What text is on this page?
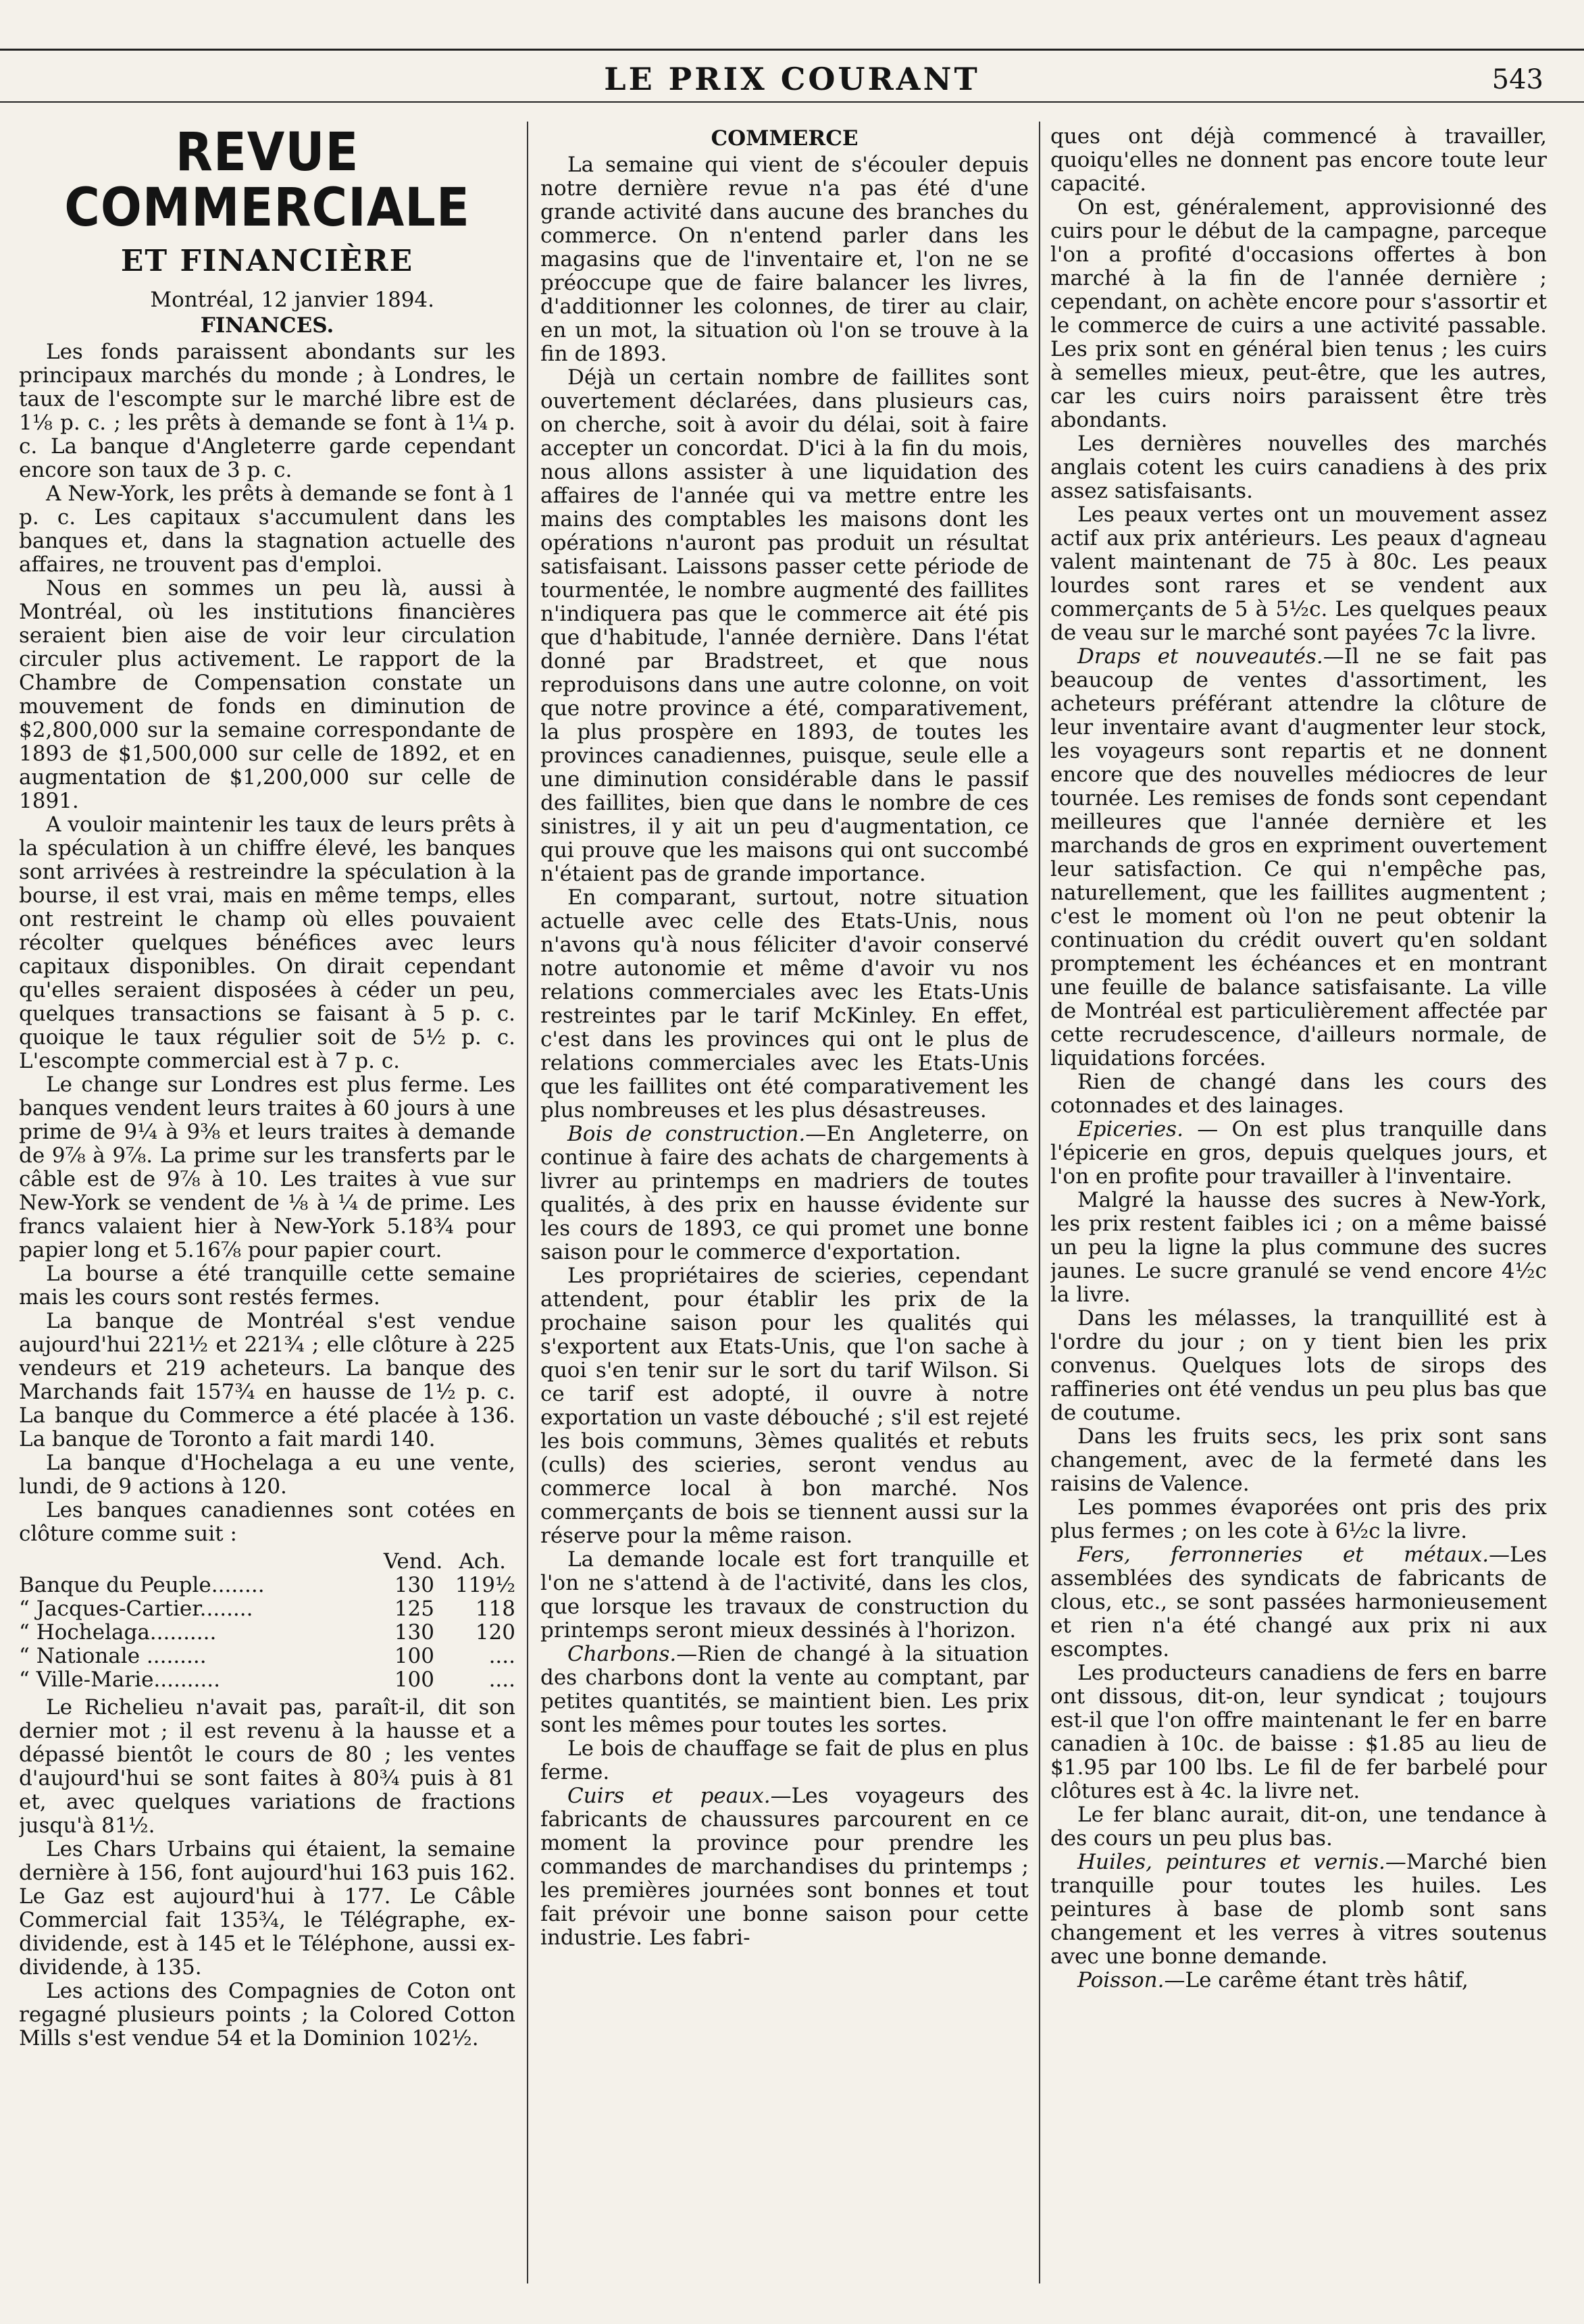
LE PRIX COURANT	543
REVUE COMMERCIALE
ET FINANCIÈRE
Montréal, 12 janvier 1894.
FINANCES.

Les fonds paraissent abondants sur les principaux marchés du monde ; à Londres, le taux de l'escompte sur le marché libre est de 1⅛ p. c. ; les prêts à demande se font à 1¼ p. c. La banque d'Angleterre garde cependant encore son taux de 3 p. c.

A New-York, les prêts à demande se font à 1 p. c. Les capitaux s'accumulent dans les banques et, dans la stagnation actuelle des affaires, ne trouvent pas d'emploi.

Nous en sommes un peu là, aussi à Montréal, où les institutions financières seraient bien aise de voir leur circulation circuler plus activement. Le rapport de la Chambre de Compensation constate un mouvement de fonds en diminution de $2,800,000 sur la semaine correspondante de 1893 de $1,500,000 sur celle de 1892, et en augmentation de $1,200,000 sur celle de 1891.

A vouloir maintenir les taux de leurs prêts à la spéculation à un chiffre élevé, les banques sont arrivées à restreindre la spéculation à la bourse, il est vrai, mais en même temps, elles ont restreint le champ où elles pouvaient récolter quelques bénéfices avec leurs capitaux disponibles. On dirait cependant qu'elles seraient disposées à céder un peu, quelques transactions se faisant à 5 p. c. quoique le taux régulier soit de 5½ p. c. L'escompte commercial est à 7 p. c.

Le change sur Londres est plus ferme. Les banques vendent leurs traites à 60 jours à une prime de 9¼ à 9⅜ et leurs traites à demande de 9⅞ à 9⅞. La prime sur les transferts par le câble est de 9⅞ à 10. Les traites à vue sur New-York se vendent de ⅛ à ¼ de prime. Les francs valaient hier à New-York 5.18¾ pour papier long et 5.16⅞ pour papier court.

La bourse a été tranquille cette semaine mais les cours sont restés fermes.

La banque de Montréal s'est vendue aujourd'hui 221½ et 221¾ ; elle clôture à 225 vendeurs et 219 acheteurs. La banque des Marchands fait 157¾ en hausse de 1½ p. c. La banque du Commerce a été placée à 136. La banque de Toronto a fait mardi 140.

La banque d'Hochelaga a eu une vente, lundi, de 9 actions à 120.

Les banques canadiennes sont cotées en clôture comme suit :

Vend. Ach.
Banque du Peuple........	130 119½
“ Jacques-Cartier........	125	118
“ Hochelaga..........	130	120
“ Nationale .........	100	....
“ Ville-Marie..........	100	....

Le Richelieu n'avait pas, paraît-il, dit son dernier mot ; il est revenu à la hausse et a dépassé bientôt le cours de 80 ; les ventes d'aujourd'hui se sont faites à 80¾ puis à 81 et, avec quelques variations de fractions jusqu'à 81½.

Les Chars Urbains qui étaient, la semaine dernière à 156, font aujourd'hui 163 puis 162. Le Gaz est aujourd'hui à 177. Le Câble Commercial fait 135¾, le Télégraphe, ex-dividende, est à 145 et le Téléphone, aussi ex-dividende, à 135.

Les actions des Compagnies de Coton ont regagné plusieurs points ; la Colored Cotton Mills s'est vendue 54 et la Dominion 102½.

COMMERCE

La semaine qui vient de s'écouler depuis notre dernière revue n'a pas été d'une grande activité dans aucune des branches du commerce. On n'entend parler dans les magasins que de l'inventaire et, l'on ne se préoccupe que de faire balancer les livres, d'additionner les colonnes, de tirer au clair, en un mot, la situation où l'on se trouve à la fin de 1893.

Déjà un certain nombre de faillites sont ouvertement déclarées, dans plusieurs cas, on cherche, soit à avoir du délai, soit à faire accepter un concordat. D'ici à la fin du mois, nous allons assister à une liquidation des affaires de l'année qui va mettre entre les mains des comptables les maisons dont les opérations n'auront pas produit un résultat satisfaisant. Laissons passer cette période de tourmentée, le nombre augmenté des faillites n'indiquera pas que le commerce ait été pis que d'habitude, l'année dernière. Dans l'état donné par Bradstreet, et que nous reproduisons dans une autre colonne, on voit que notre province a été, comparativement, la plus prospère en 1893, de toutes les provinces canadiennes, puisque, seule elle a une diminution considérable dans le passif des faillites, bien que dans le nombre de ces sinistres, il y ait un peu d'augmentation, ce qui prouve que les maisons qui ont succombé n'étaient pas de grande importance.

En comparant, surtout, notre situation actuelle avec celle des Etats-Unis, nous n'avons qu'à nous féliciter d'avoir conservé notre autonomie et même d'avoir vu nos relations commerciales avec les Etats-Unis restreintes par le tarif McKinley. En effet, c'est dans les provinces qui ont le plus de relations commerciales avec les Etats-Unis que les faillites ont été comparativement les plus nombreuses et les plus désastreuses.

Bois de construction.—En Angleterre, on continue à faire des achats de chargements à livrer au printemps en madriers de toutes qualités, à des prix en hausse évidente sur les cours de 1893, ce qui promet une bonne saison pour le commerce d'exportation.

Les propriétaires de scieries, cependant attendent, pour établir les prix de la prochaine saison pour les qualités qui s'exportent aux Etats-Unis, que l'on sache à quoi s'en tenir sur le sort du tarif Wilson. Si ce tarif est adopté, il ouvre à notre exportation un vaste débouché ; s'il est rejeté les bois communs, 3èmes qualités et rebuts (culls) des scieries, seront vendus au commerce local à bon marché. Nos commerçants de bois se tiennent aussi sur la réserve pour la même raison.

La demande locale est fort tranquille et l'on ne s'attend à de l'activité, dans les clos, que lorsque les travaux de construction du printemps seront mieux dessinés à l'horizon.

Charbons.—Rien de changé à la situation des charbons dont la vente au comptant, par petites quantités, se maintient bien. Les prix sont les mêmes pour toutes les sortes.

Le bois de chauffage se fait de plus en plus ferme.

Cuirs et peaux.—Les voyageurs des fabricants de chaussures parcourent en ce moment la province pour prendre les commandes de marchandises du printemps ; les premières journées sont bonnes et tout fait prévoir une bonne saison pour cette industrie. Les fabri-

ques ont déjà commencé à travailler, quoiqu'elles ne donnent pas encore toute leur capacité.

On est, généralement, approvisionné des cuirs pour le début de la campagne, parceque l'on a profité d'occasions offertes à bon marché à la fin de l'année dernière ; cependant, on achète encore pour s'assortir et le commerce de cuirs a une activité passable. Les prix sont en général bien tenus ; les cuirs à semelles mieux, peut-être, que les autres, car les cuirs noirs paraissent être très abondants.

Les dernières nouvelles des marchés anglais cotent les cuirs canadiens à des prix assez satisfaisants.

Les peaux vertes ont un mouvement assez actif aux prix antérieurs. Les peaux d'agneau valent maintenant de 75 à 80c. Les peaux lourdes sont rares et se vendent aux commerçants de 5 à 5½c. Les quelques peaux de veau sur le marché sont payées 7c la livre.

Draps et nouveautés.—Il ne se fait pas beaucoup de ventes d'assortiment, les acheteurs préférant attendre la clôture de leur inventaire avant d'augmenter leur stock, les voyageurs sont repartis et ne donnent encore que des nouvelles médiocres de leur tournée. Les remises de fonds sont cependant meilleures que l'année dernière et les marchands de gros en expriment ouvertement leur satisfaction. Ce qui n'empêche pas, naturellement, que les faillites augmentent ; c'est le moment où l'on ne peut obtenir la continuation du crédit ouvert qu'en soldant promptement les échéances et en montrant une feuille de balance satisfaisante. La ville de Montréal est particulièrement affectée par cette recrudescence, d'ailleurs normale, de liquidations forcées.

Rien de changé dans les cours des cotonnades et des lainages.

Epiceries. — On est plus tranquille dans l'épicerie en gros, depuis quelques jours, et l'on en profite pour travailler à l'inventaire.

Malgré la hausse des sucres à New-York, les prix restent faibles ici ; on a même baissé un peu la ligne la plus commune des sucres jaunes. Le sucre granulé se vend encore 4½c la livre.

Dans les mélasses, la tranquillité est à l'ordre du jour ; on y tient bien les prix convenus. Quelques lots de sirops des raffineries ont été vendus un peu plus bas que de coutume.

Dans les fruits secs, les prix sont sans changement, avec de la fermeté dans les raisins de Valence.

Les pommes évaporées ont pris des prix plus fermes ; on les cote à 6½c la livre.

Fers, ferronneries et métaux.—Les assemblées des syndicats de fabricants de clous, etc., se sont passées harmonieusement et rien n'a été changé aux prix ni aux escomptes.

Les producteurs canadiens de fers en barre ont dissous, dit-on, leur syndicat ; toujours est-il que l'on offre maintenant le fer en barre canadien à 10c. de baisse : $1.85 au lieu de $1.95 par 100 lbs. Le fil de fer barbelé pour clôtures est à 4c. la livre net.

Le fer blanc aurait, dit-on, une tendance à des cours un peu plus bas.

Huiles, peintures et vernis.—Marché bien tranquille pour toutes les huiles. Les peintures à base de plomb sont sans changement et les verres à vitres soutenus avec une bonne demande.

Poisson.—Le carême étant très hâtif,
